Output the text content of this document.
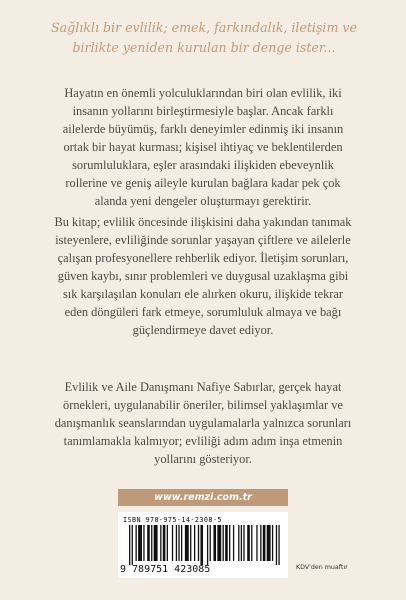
Sağlıklı bir evlilik; emek, farkındalık, iletişim ve birlikte yeniden kurulan bir denge ister...

Hayatın en önemli yolculuklarından biri olan evlilik, iki insanın yollarını birleştirmesiyle başlar. Ancak farklı ailelerde büyümüş, farklı deneyimler edinmiş iki insanın ortak bir hayat kurması; kişisel ihtiyaç ve beklentilerden sorumluluklara, eşler arasındaki ilişkiden ebeveynlik rollerine ve geniş aileyle kurulan bağlara kadar pek çok alanda yeni dengeler oluşturmayı gerektirir.

Bu kitap; evlilik öncesinde ilişkisini daha yakından tanımak isteyenlere, evliliğinde sorunlar yaşayan çiftlere ve ailelerle çalışan profesyonellere rehberlik ediyor. İletişim sorunları, güven kaybı, sınır problemleri ve duygusal uzaklaşma gibi sık karşılaşılan konuları ele alırken okuru, ilişkide tekrar eden döngüleri fark etmeye, sorumluluk almaya ve bağı güçlendirmeye davet ediyor.

Evlilik ve Aile Danışmanı Nafiye Sabırlar, gerçek hayat örnekleri, uygulanabilir öneriler, bilimsel yaklaşımlar ve danışmanlık seanslarından uygulamalarla yalnızca sorunları tanımlamakla kalmıyor; evliliği adım adım inşa etmenin yollarını gösteriyor.

www.remzi.com.tr
ISBN 978-975-14-2308-5
9 789751 423085	KDV'den muaftır
